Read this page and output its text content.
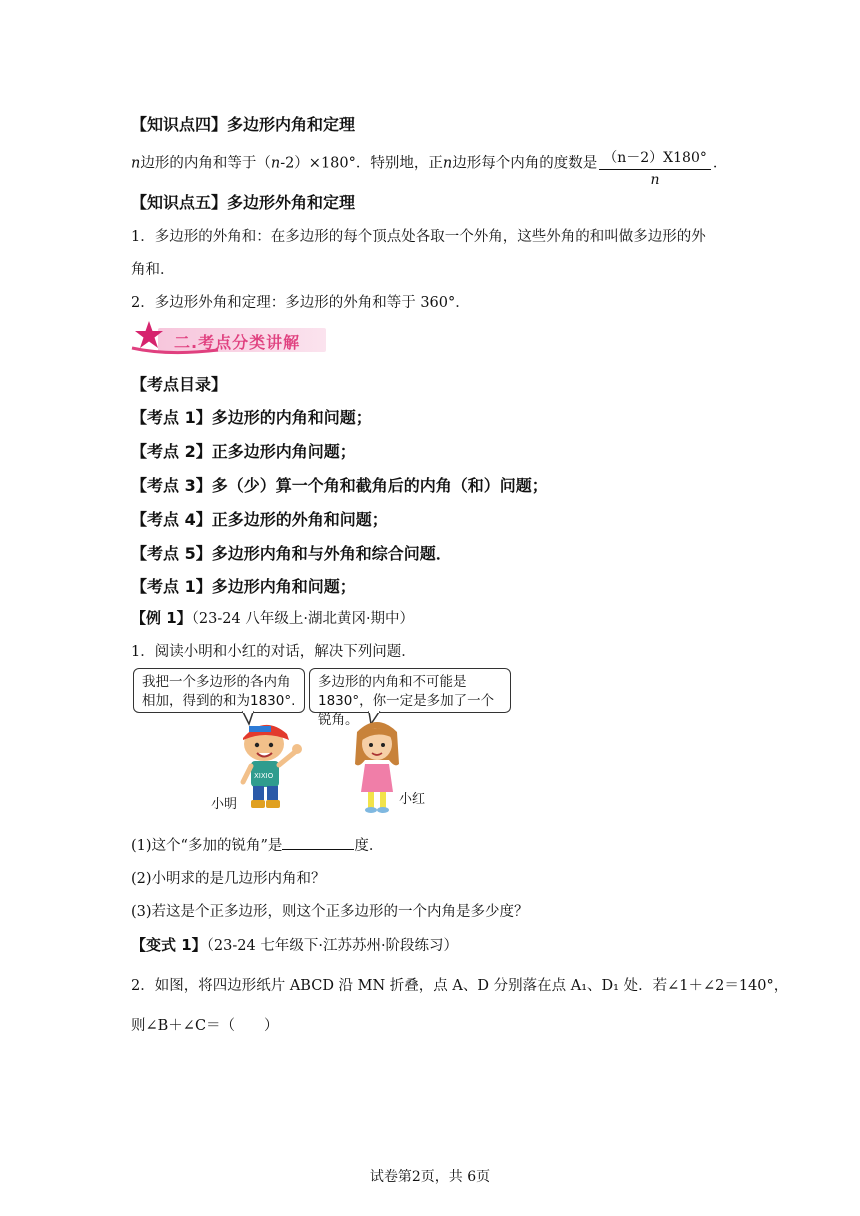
【知识点四】多边形内角和定理
n边形的内角和等于（n-2）×180°．特别地，正n边形每个内角的度数是 $\frac{(n-2)X180^\circ}{n}$ ．
【知识点五】多边形外角和定理
1．多边形的外角和：在多边形的每个顶点处各取一个外角，这些外角的和叫做多边形的外
角和．
2．多边形外角和定理：多边形的外角和等于 360°．
二.考点分类讲解
【考点目录】
【考点 1】多边形的内角和问题；
【考点 2】正多边形内角问题；
【考点 3】多（少）算一个角和截角后的内角（和）问题；
【考点 4】正多边形的外角和问题；
【考点 5】多边形内角和与外角和综合问题．
【考点 1】多边形内角和问题；
【例 1】（23-24 八年级上·湖北黄冈·期中）
1．阅读小明和小红的对话，解决下列问题．
我把一个多边形的各内角相加，得到的和为1830°.
多边形的内角和不可能是1830°，你一定是多加了一个锐角。
XIXIO
小明	小红
(1)这个“多加的锐角”是	度．
(2)小明求的是几边形内角和？
(3)若这是个正多边形，则这个正多边形的一个内角是多少度？
【变式 1】（23-24 七年级下·江苏苏州·阶段练习）
2．如图，将四边形纸片 ABCD 沿 MN 折叠，点 A、D 分别落在点 A₁、D₁ 处．若∠1＋∠2＝140°，
则∠B＋∠C＝（　　）
试卷第2页，共 6页
